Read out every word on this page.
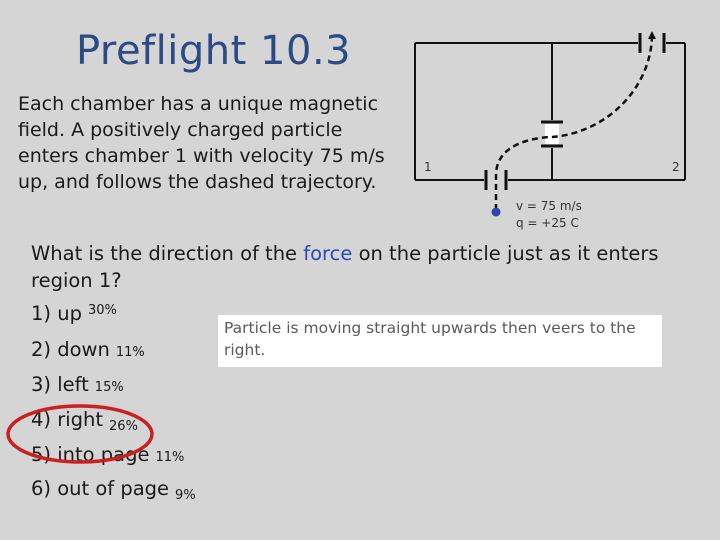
Preflight 10.3
Each chamber has a unique magnetic field. A positively charged particle enters chamber 1 with velocity 75 m/s up, and follows the dashed trajectory.
1	2
v = 75 m/s
q = +25 C
What is the direction of the force on the particle just as it enters region 1?
1) up $^{30\%}$
2) down 11%
3) left 15%
4) right $_{26\%}$
5) into page 11%
6) out of page $_{9\%}$
Particle is moving straight upwards then veers to the right.
